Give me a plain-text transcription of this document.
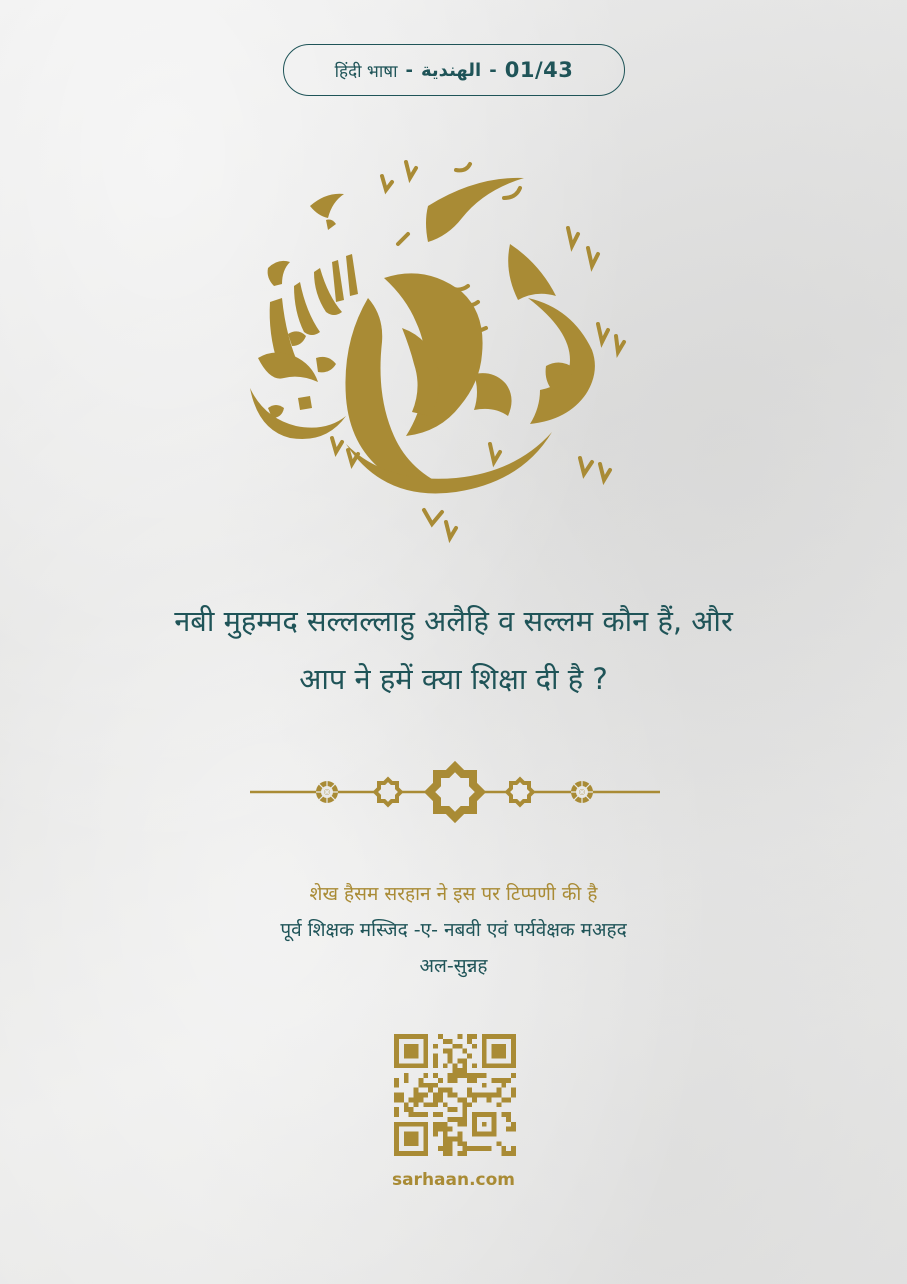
हिंदी भाषा - الهندية - 01/43
नबी मुहम्मद सल्लल्लाहु अलैहि व सल्लम कौन हैं, और
आप ने हमें क्या शिक्षा दी है ?
शेख हैसम सरहान ने इस पर टिप्पणी की है
पूर्व शिक्षक मस्जिद -ए- नबवी एवं पर्यवेक्षक मअहद
अल-सुन्नह
sarhaan.com
